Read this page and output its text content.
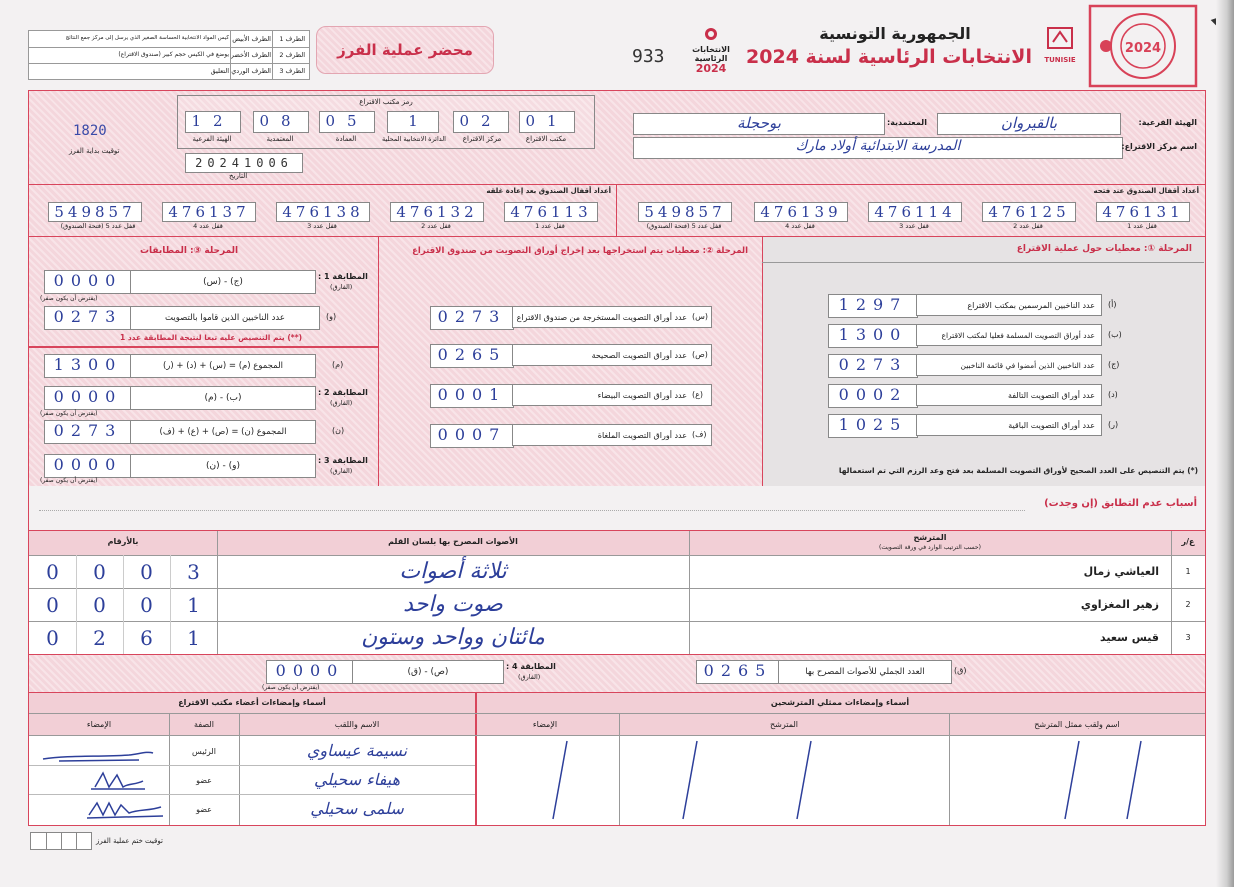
الظرف 1
الظرف الأبيض
كيس المواد الانتخابية الحساسة الصغير الذي يرسل إلى مركز جمع النتائج
الظرف 2
الظرف الأخضر
يوضع في الكيس حجم كبير (صندوق الاقتراع)
الظرف 3
الظرف الوردي
التعليق
محضر عملية الفرز	933	الانتخابات
الرئاسية
2024
الجمهورية التونسية
الانتخابات الرئاسية لسنة 2024	TUNISIE
2024
1820
توقيت بداية الفرز
رمز مكتب الاقتراع
12
الهيئة الفرعية
08
المعتمدية
05
العمادة
1
الدائرة الانتخابية المحلية
02
مركز الاقتراع
01
مكتب الاقتراع
20241006
التاريخ
بالقيروان	الهيئة الفرعية:
بوحجلة	المعتمدية:
المدرسة الابتدائية أولاد مارك	اسم مركز الاقتراع:
أعداد أقفال الصندوق بعد إعادة غلقه	أعداد أقفال الصندوق عند فتحه
549857
قفل عدد 5 (فتحة الصندوق)
476137
قفل عدد 4
476138
قفل عدد 3
476132
قفل عدد 2
476113
قفل عدد 1
549857
قفل عدد 5 (فتحة الصندوق)
476139
قفل عدد 4
476114
قفل عدد 3
476125
قفل عدد 2
476131
قفل عدد 1
المرحلة ③: المطابقات
0000	(ج) - (س)
المطابقة 1 :
(الفارق)
(يفترض أن يكون صفر)
0273	عدد الناخبين الذين قاموا بالتصويت	(و)
(**) يتم التنصيص عليه تبعا لنتيجة المطابقة عدد 1
1300	المجموع (م) = (س) + (د) + (ر)	(م)
0000	(ب) - (م)
المطابقة 2 :
(الفارق)
(يفترض أن يكون صفر)
0273	المجموع (ن) = (ص) + (ع) + (ف)	(ن)
0000	(و) - (ن)
المطابقة 3 :
(الفارق)
(يفترض أن يكون صفر)
المرحلة ②: معطيات يتم استخراجها بعد إخراج أوراق التصويت من صندوق الاقتراع
0273	عدد أوراق التصويت المستخرجة من صندوق الاقتراع (س)
0265	عدد أوراق التصويت الصحيحة (ص)
0001	عدد أوراق التصويت البيضاء (ع)
0007	عدد أوراق التصويت الملغاة (ف)
المرحلة ①: معطيات حول عملية الاقتراع
1297	عدد الناخبين المرسمين بمكتب الاقتراع	(أ)
1300	عدد أوراق التصويت المسلمة فعليا لمكتب الاقتراع	(ب)
0273	عدد الناخبين الذين أمضوا في قائمة الناخبين	(ج)
0002	عدد أوراق التصويت التالفة	(د)
1025	عدد أوراق التصويت الباقية	(ر)
(*) يتم التنصيص على العدد الصحيح لأوراق التصويت المسلمة بعد فتح وعد الرزم التي تم استعمالها
أسباب عدم التطابق (إن وجدت)
بالأرقام	الأصوات المصرح بها بلسان القلم	المترشح
(حسب الترتيب الوارد في ورقة التصويت)
ع/ر
0	0	0	3	ثلاثة أصوات	العياشي زمال	1
0	0	0	1	صوت واحد	زهير المغزاوي	2
0	2	6	1	مائتان وواحد وستون	قيس سعيد	3
0000	(ص) - (ق)
المطابقة 4 :
(الفارق)
(يفترض أن يكون صفر)
0265	العدد الجملي للأصوات المصرح بها	(ق)
أسماء وإمضاءات أعضاء مكتب الاقتراع	أسماء وإمضاءات ممثلي المترشحين
الإمضاء	الصفة	الاسم واللقب	الإمضاء	المترشح	اسم ولقب ممثل المترشح
نسيمة عيساوي
الرئيس
هيفاء سحيلي
عضو
سلمى سحيلي
عضو
توقيت ختم عملية الفرز
